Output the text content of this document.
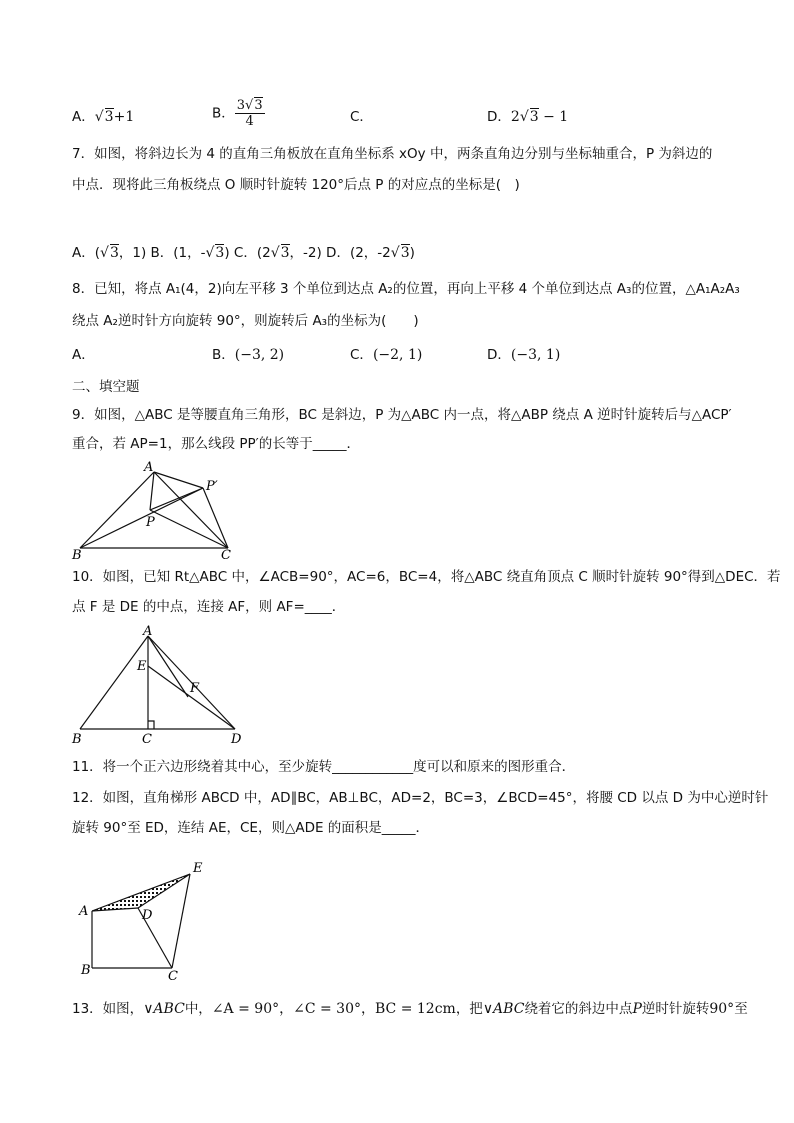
A．√3+1	B． $\frac{3√3}{4}$	C．	D．2√3 − 1
7．如图，将斜边长为 4 的直角三角板放在直角坐标系 xOy 中，两条直角边分别与坐标轴重合，P 为斜边的
中点．现将此三角板绕点 O 顺时针旋转 120°后点 P 的对应点的坐标是(　)
A．(√3，1) B．(1，-√3) C．(2√3，-2) D．(2，-2√3)
8．已知，将点 A₁(4，2)向左平移 3 个单位到达点 A₂的位置，再向上平移 4 个单位到达点 A₃的位置，△A₁A₂A₃
绕点 A₂逆时针方向旋转 90°，则旋转后 A₃的坐标为(　　)
A．	B．(−3, 2)	C．(−2, 1)	D．(−3, 1)
二、填空题
9．如图，△ABC 是等腰直角三角形，BC 是斜边，P 为△ABC 内一点，将△ABP 绕点 A 逆时针旋转后与△ACP′
重合，若 AP=1，那么线段 PP′的长等于_____．
A
P
P′
B	C
10．如图，已知 Rt△ABC 中，∠ACB=90°，AC=6，BC=4，将△ABC 绕直角顶点 C 顺时针旋转 90°得到△DEC．若
点 F 是 DE 的中点，连接 AF，则 AF=____．
A
E
F
B	C	D
11．将一个正六边形绕着其中心，至少旋转____________度可以和原来的图形重合．
12．如图，直角梯形 ABCD 中，AD∥BC，AB⊥BC，AD=2，BC=3，∠BCD=45°，将腰 CD 以点 D 为中心逆时针
旋转 90°至 ED，连结 AE，CE，则△ADE 的面积是_____．
E
A	D
B	C
13．如图，∨ABC中，∠A = 90°，∠C = 30°，BC = 12cm，把∨ABC绕着它的斜边中点P逆时针旋转90°至
